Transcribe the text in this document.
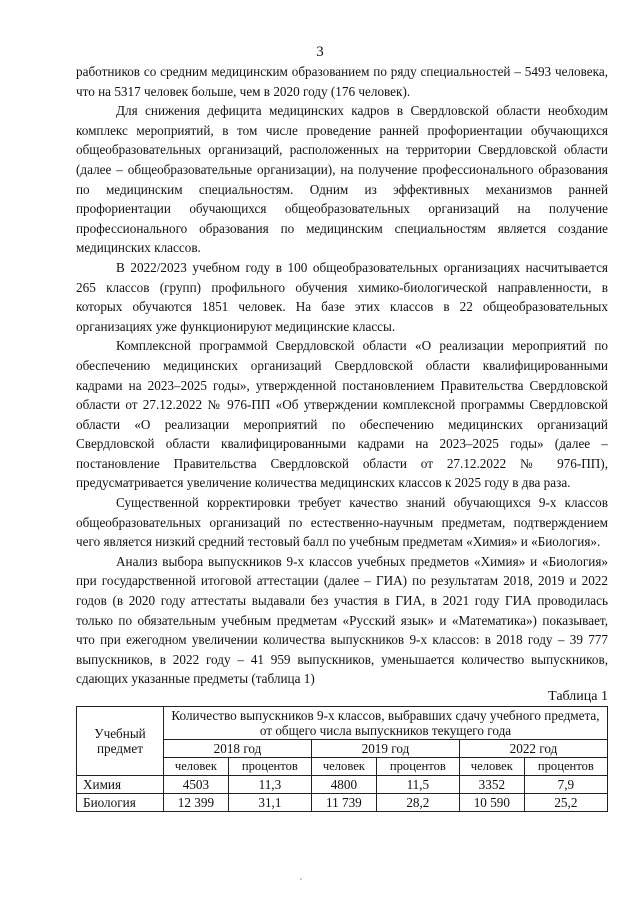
3

работников со средним медицинским образованием по ряду специальностей – 5493 человека, что на 5317 человек больше, чем в 2020 году (176 человек).

Для снижения дефицита медицинских кадров в Свердловской области необходим комплекс мероприятий, в том числе проведение ранней профориентации обучающихся общеобразовательных организаций, расположенных на территории Свердловской области (далее – общеобразовательные организации), на получение профессионального образования по медицинским специальностям. Одним из эффективных механизмов ранней профориентации обучающихся общеобразовательных организаций на получение профессионального образования по медицинским специальностям является создание медицинских классов.

В 2022/2023 учебном году в 100 общеобразовательных организациях насчитывается 265 классов (групп) профильного обучения химико-биологической направленности, в которых обучаются 1851 человек. На базе этих классов в 22 общеобразовательных организациях уже функционируют медицинские классы.

Комплексной программой Свердловской области «О реализации мероприятий по обеспечению медицинских организаций Свердловской области квалифицированными кадрами на 2023–2025 годы», утвержденной постановлением Правительства Свердловской области от 27.12.2022 № 976-ПП «Об утверждении комплексной программы Свердловской области «О реализации мероприятий по обеспечению медицинских организаций Свердловской области квалифицированными кадрами на 2023–2025 годы» (далее – постановление Правительства Свердловской области от 27.12.2022 № 976-ПП), предусматривается увеличение количества медицинских классов к 2025 году в два раза.

Существенной корректировки требует качество знаний обучающихся 9-х классов общеобразовательных организаций по естественно-научным предметам, подтверждением чего является низкий средний тестовый балл по учебным предметам «Химия» и «Биология».

Анализ выбора выпускников 9-х классов учебных предметов «Химия» и «Биология» при государственной итоговой аттестации (далее – ГИА) по результатам 2018, 2019 и 2022 годов (в 2020 году аттестаты выдавали без участия в ГИА, в 2021 году ГИА проводилась только по обязательным учебным предметам «Русский язык» и «Математика») показывает, что при ежегодном увеличении количества выпускников 9-х классов: в 2018 году – 39 777 выпускников, в 2022 году – 41 959 выпускников, уменьшается количество выпускников, сдающих указанные предметы (таблица 1)

Таблица 1
Учебный предмет	Количество выпускников 9-х классов, выбравших сдачу учебного предмета, от общего числа выпускников текущего года					
	2018 год		2019 год		2022 год	
	человек	процентов	человек	процентов	человек	процентов
Химия	4503	11,3	4800	11,5	3352	7,9
Биология	12 399	31,1	11 739	28,2	10 590	25,2
